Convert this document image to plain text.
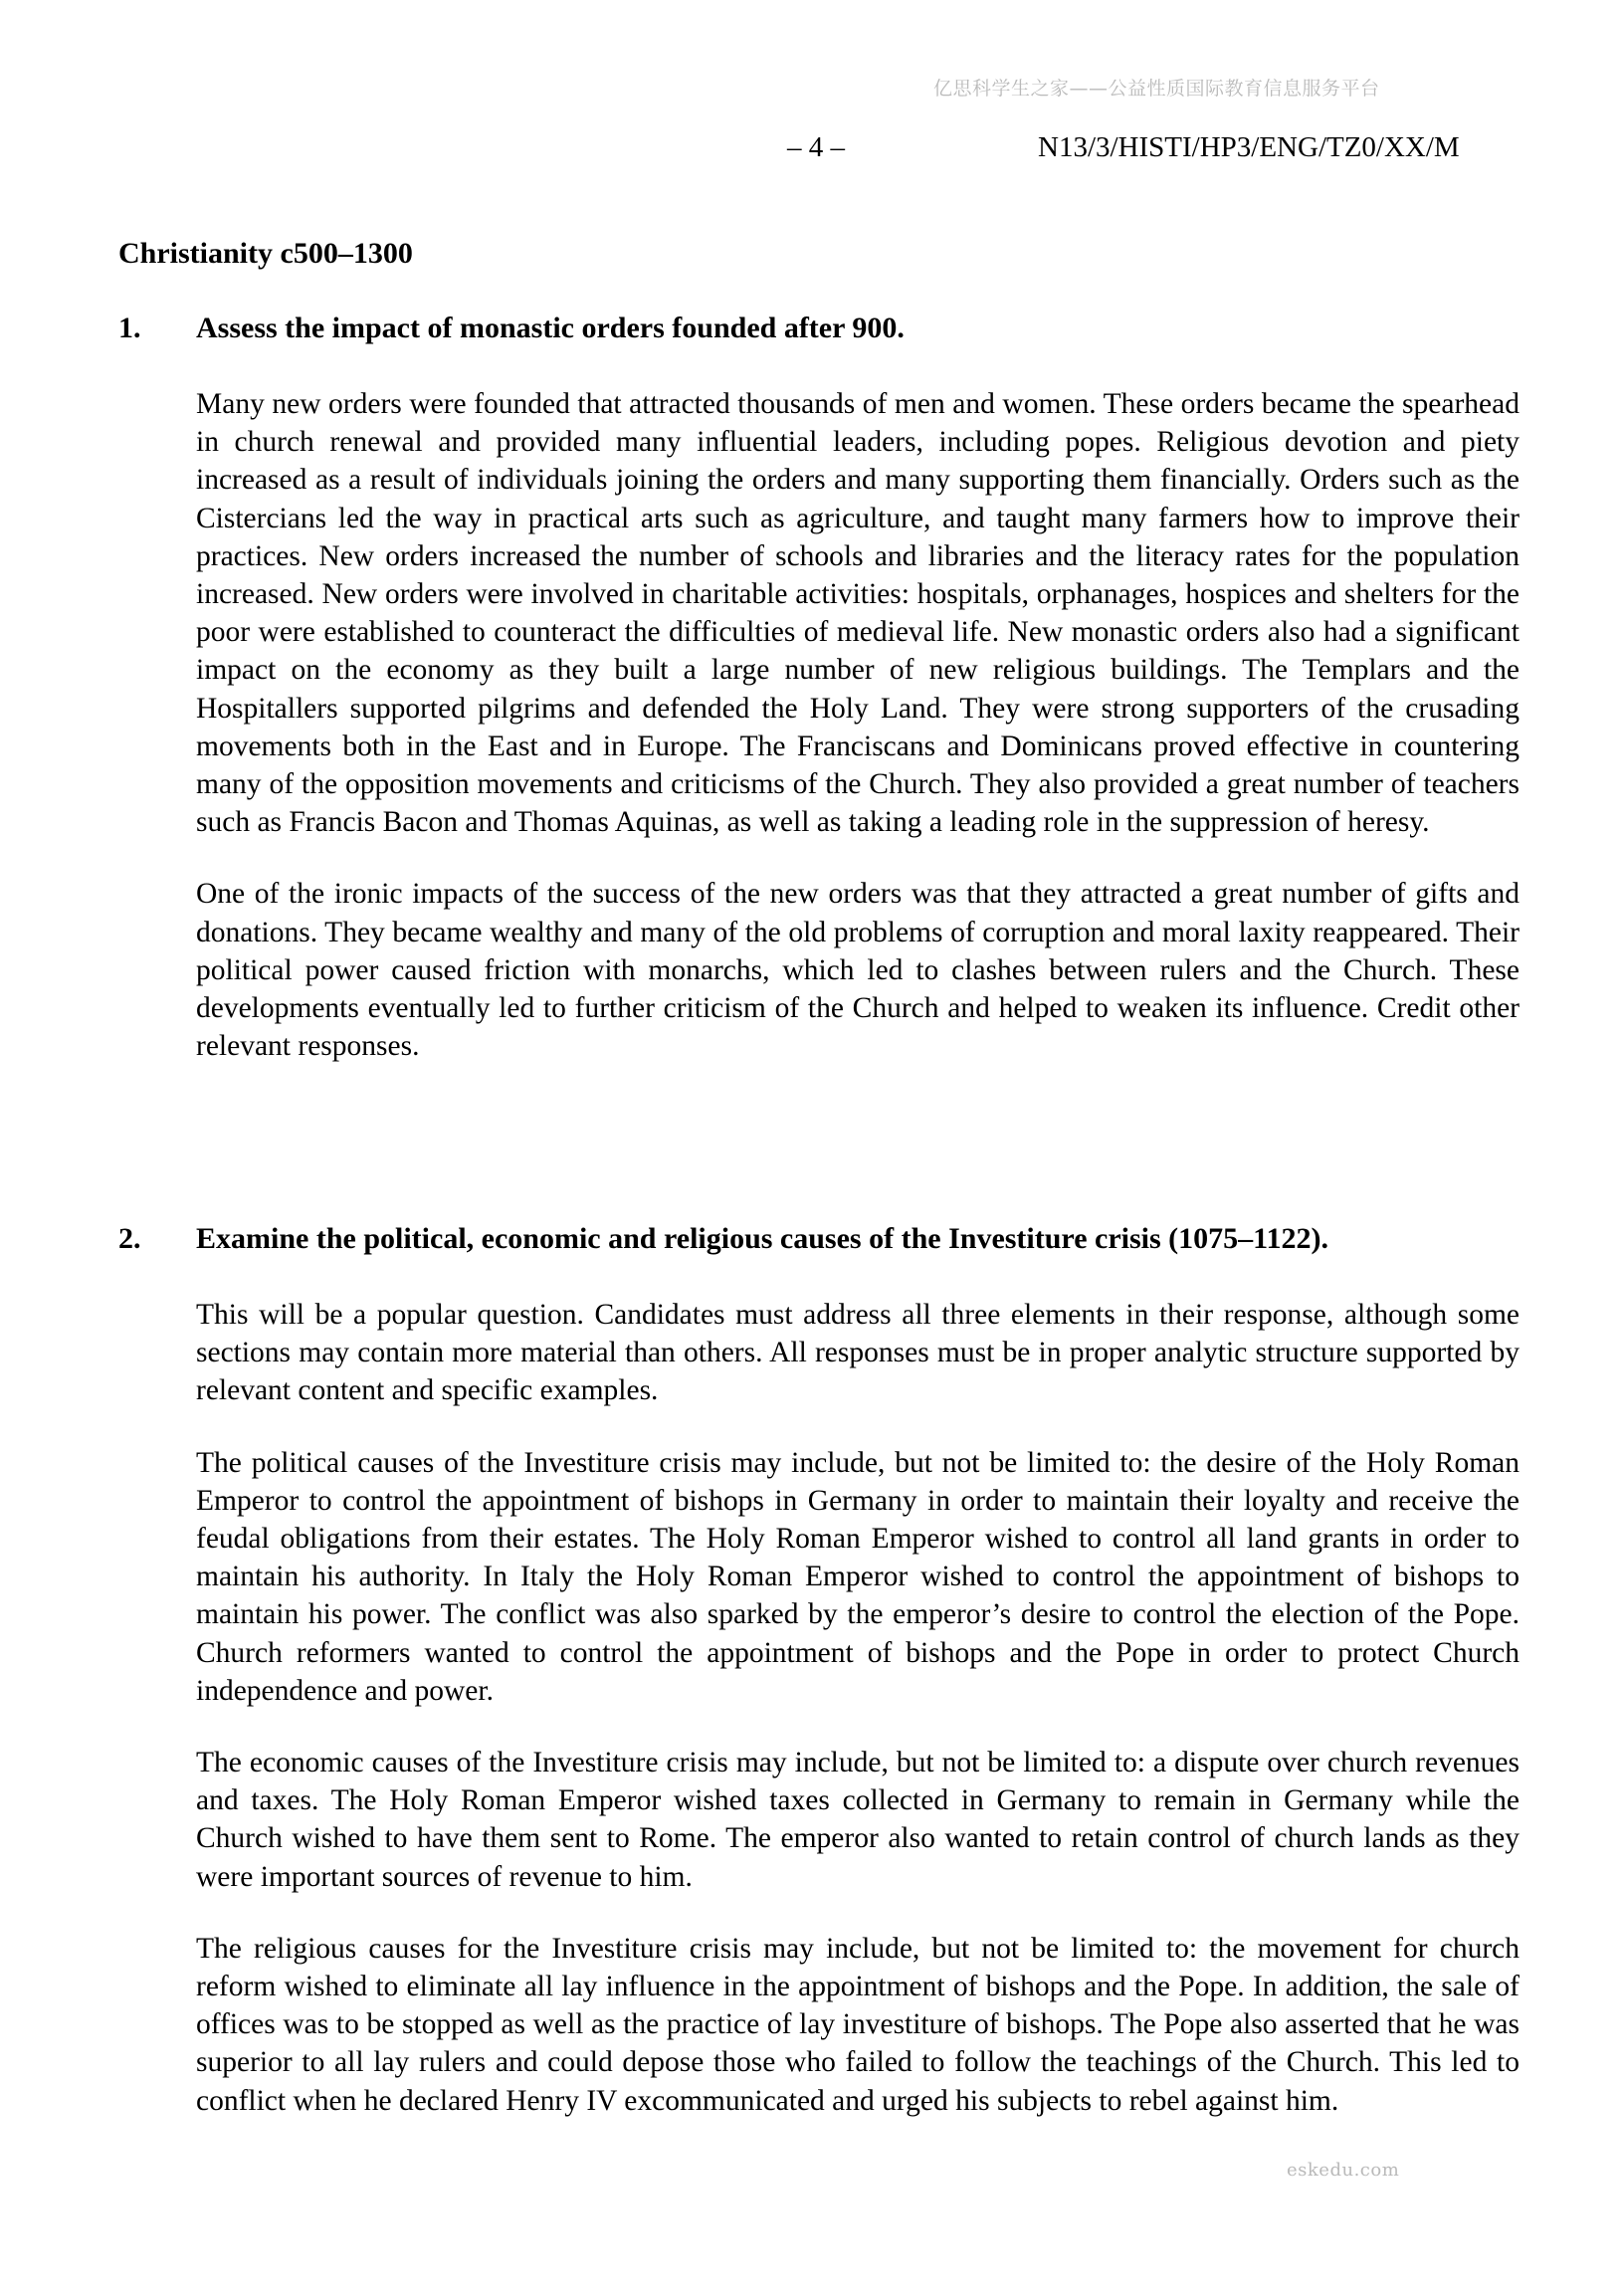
亿思科学生之家——公益性质国际教育信息服务平台
– 4 –	N13/3/HISTI/HP3/ENG/TZ0/XX/M
Christianity c500–1300
1. Assess the impact of monastic orders founded after 900.

Many new orders were founded that attracted thousands of men and women. These orders became the spearhead in church renewal and provided many influential leaders, including popes. Religious devotion and piety increased as a result of individuals joining the orders and many supporting them financially. Orders such as the Cistercians led the way in practical arts such as agriculture, and taught many farmers how to improve their practices. New orders increased the number of schools and libraries and the literacy rates for the population increased. New orders were involved in charitable activities: hospitals, orphanages, hospices and shelters for the poor were established to counteract the difficulties of medieval life. New monastic orders also had a significant impact on the economy as they built a large number of new religious buildings. The Templars and the Hospitallers supported pilgrims and defended the Holy Land. They were strong supporters of the crusading movements both in the East and in Europe. The Franciscans and Dominicans proved effective in countering many of the opposition movements and criticisms of the Church. They also provided a great number of teachers such as Francis Bacon and Thomas Aquinas, as well as taking a leading role in the suppression of heresy.

One of the ironic impacts of the success of the new orders was that they attracted a great number of gifts and donations. They became wealthy and many of the old problems of corruption and moral laxity reappeared. Their political power caused friction with monarchs, which led to clashes between rulers and the Church. These developments eventually led to further criticism of the Church and helped to weaken its influence. Credit other relevant responses.

2. Examine the political, economic and religious causes of the Investiture crisis (1075–1122).

This will be a popular question. Candidates must address all three elements in their response, although some sections may contain more material than others. All responses must be in proper analytic structure supported by relevant content and specific examples.

The political causes of the Investiture crisis may include, but not be limited to: the desire of the Holy Roman Emperor to control the appointment of bishops in Germany in order to maintain their loyalty and receive the feudal obligations from their estates. The Holy Roman Emperor wished to control all land grants in order to maintain his authority. In Italy the Holy Roman Emperor wished to control the appointment of bishops to maintain his power. The conflict was also sparked by the emperor’s desire to control the election of the Pope. Church reformers wanted to control the appointment of bishops and the Pope in order to protect Church independence and power.

The economic causes of the Investiture crisis may include, but not be limited to: a dispute over church revenues and taxes. The Holy Roman Emperor wished taxes collected in Germany to remain in Germany while the Church wished to have them sent to Rome. The emperor also wanted to retain control of church lands as they were important sources of revenue to him.

The religious causes for the Investiture crisis may include, but not be limited to: the movement for church reform wished to eliminate all lay influence in the appointment of bishops and the Pope. In addition, the sale of offices was to be stopped as well as the practice of lay investiture of bishops. The Pope also asserted that he was superior to all lay rulers and could depose those who failed to follow the teachings of the Church. This led to conflict when he declared Henry IV excommunicated and urged his subjects to rebel against him.

eskedu.com
